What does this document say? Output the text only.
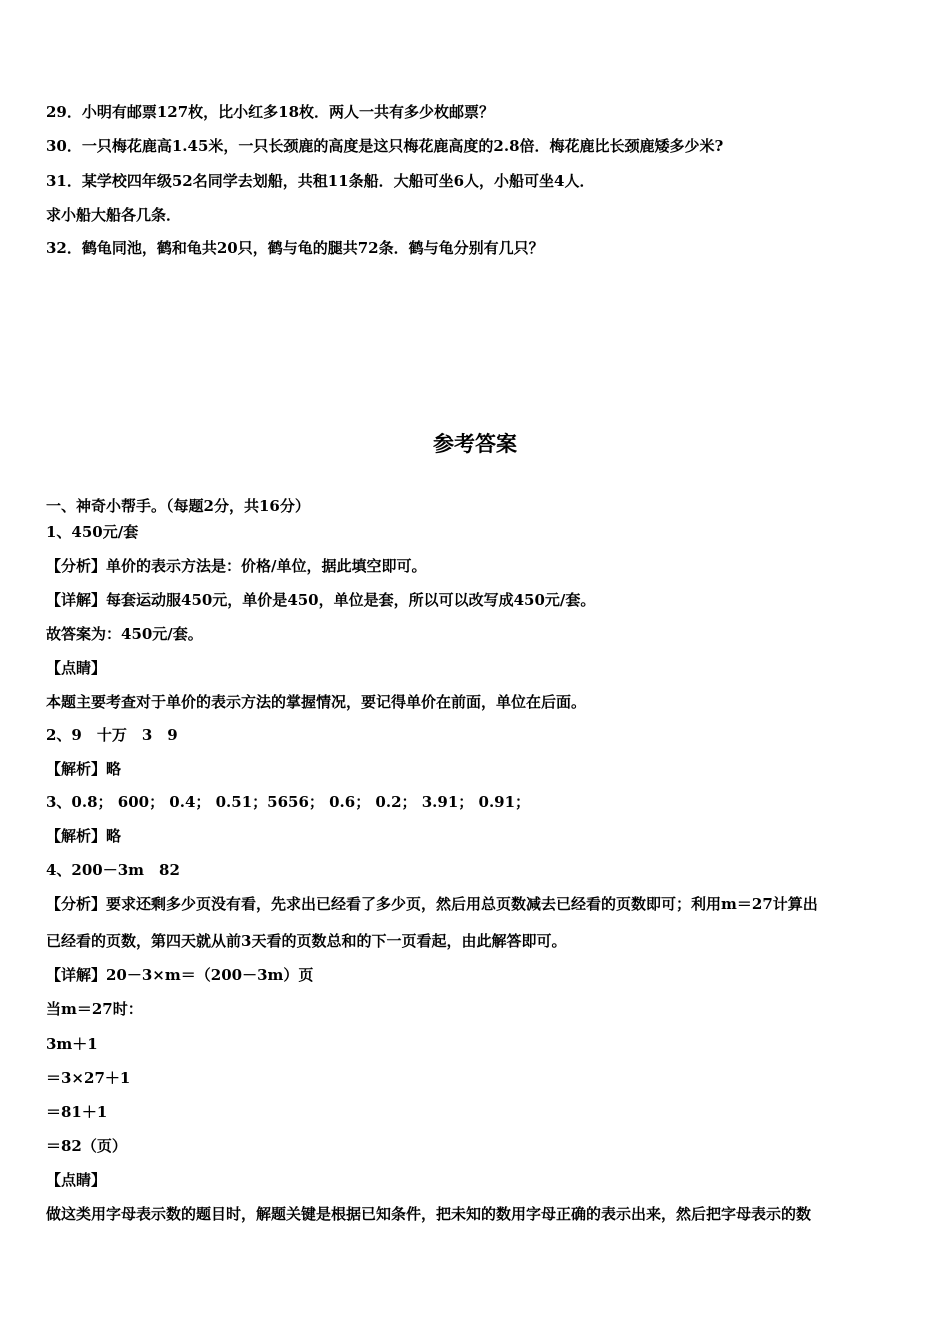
29．小明有邮票127枚，比小红多18枚．两人一共有多少枚邮票？
30．一只梅花鹿高1.45米，一只长颈鹿的高度是这只梅花鹿高度的2.8倍．梅花鹿比长颈鹿矮多少米?
31．某学校四年级52名同学去划船，共租11条船．大船可坐6人，小船可坐4人．
求小船大船各几条．
32．鹤龟同池，鹤和龟共20只，鹤与龟的腿共72条．鹤与龟分别有几只？
参考答案
一、神奇小帮手。（每题2分，共16分）
1、450元/套
【分析】单价的表示方法是：价格/单位，据此填空即可。
【详解】每套运动服450元，单价是450，单位是套，所以可以改写成450元/套。
故答案为：450元/套。
【点睛】
本题主要考查对于单价的表示方法的掌握情况，要记得单价在前面，单位在后面。
2、9　十万　3　9
【解析】略
3、0.8； 600； 0.4； 0.51；5656； 0.6； 0.2； 3.91； 0.91；
【解析】略
4、200－3m　82
【分析】要求还剩多少页没有看，先求出已经看了多少页，然后用总页数减去已经看的页数即可；利用m＝27计算出
已经看的页数，第四天就从前3天看的页数总和的下一页看起，由此解答即可。
【详解】20－3×m＝（200－3m）页
当m＝27时：
3m＋1
＝3×27＋1
＝81＋1
＝82（页）
【点睛】
做这类用字母表示数的题目时，解题关键是根据已知条件，把未知的数用字母正确的表示出来，然后把字母表示的数
